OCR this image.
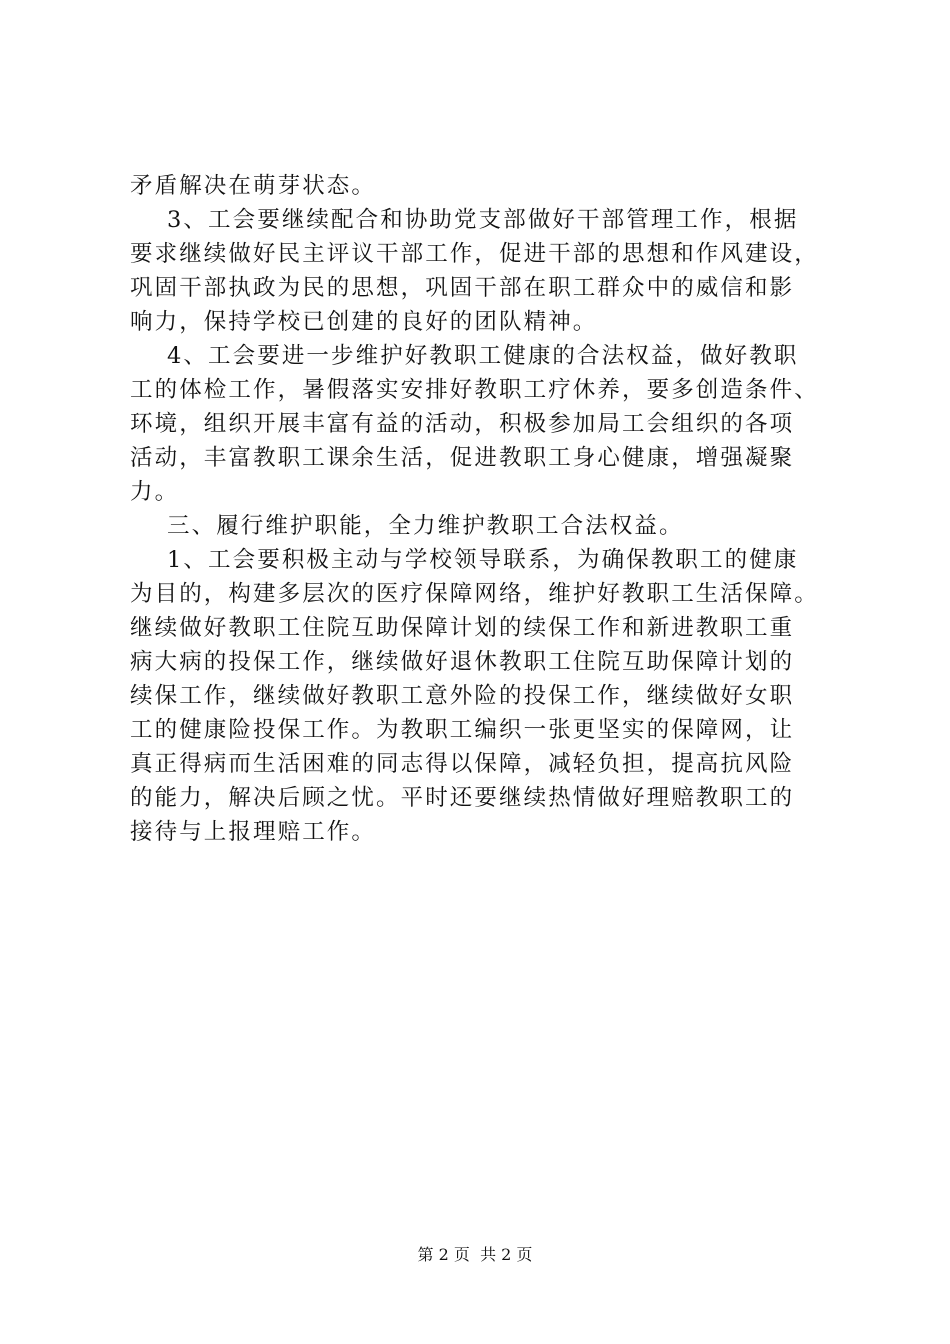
矛盾解决在萌芽状态。
3、工会要继续配合和协助党支部做好干部管理工作，根据
要求继续做好民主评议干部工作，促进干部的思想和作风建设，
巩固干部执政为民的思想，巩固干部在职工群众中的威信和影
响力，保持学校已创建的良好的团队精神。
4、工会要进一步维护好教职工健康的合法权益，做好教职
工的体检工作，暑假落实安排好教职工疗休养，要多创造条件、
环境，组织开展丰富有益的活动，积极参加局工会组织的各项
活动，丰富教职工课余生活，促进教职工身心健康，增强凝聚
力。
三、履行维护职能，全力维护教职工合法权益。
1、工会要积极主动与学校领导联系，为确保教职工的健康
为目的，构建多层次的医疗保障网络，维护好教职工生活保障。
继续做好教职工住院互助保障计划的续保工作和新进教职工重
病大病的投保工作，继续做好退休教职工住院互助保障计划的
续保工作，继续做好教职工意外险的投保工作，继续做好女职
工的健康险投保工作。为教职工编织一张更坚实的保障网，让
真正得病而生活困难的同志得以保障，减轻负担，提高抗风险
的能力，解决后顾之忧。平时还要继续热情做好理赔教职工的
接待与上报理赔工作。
第 2 页  共 2 页
